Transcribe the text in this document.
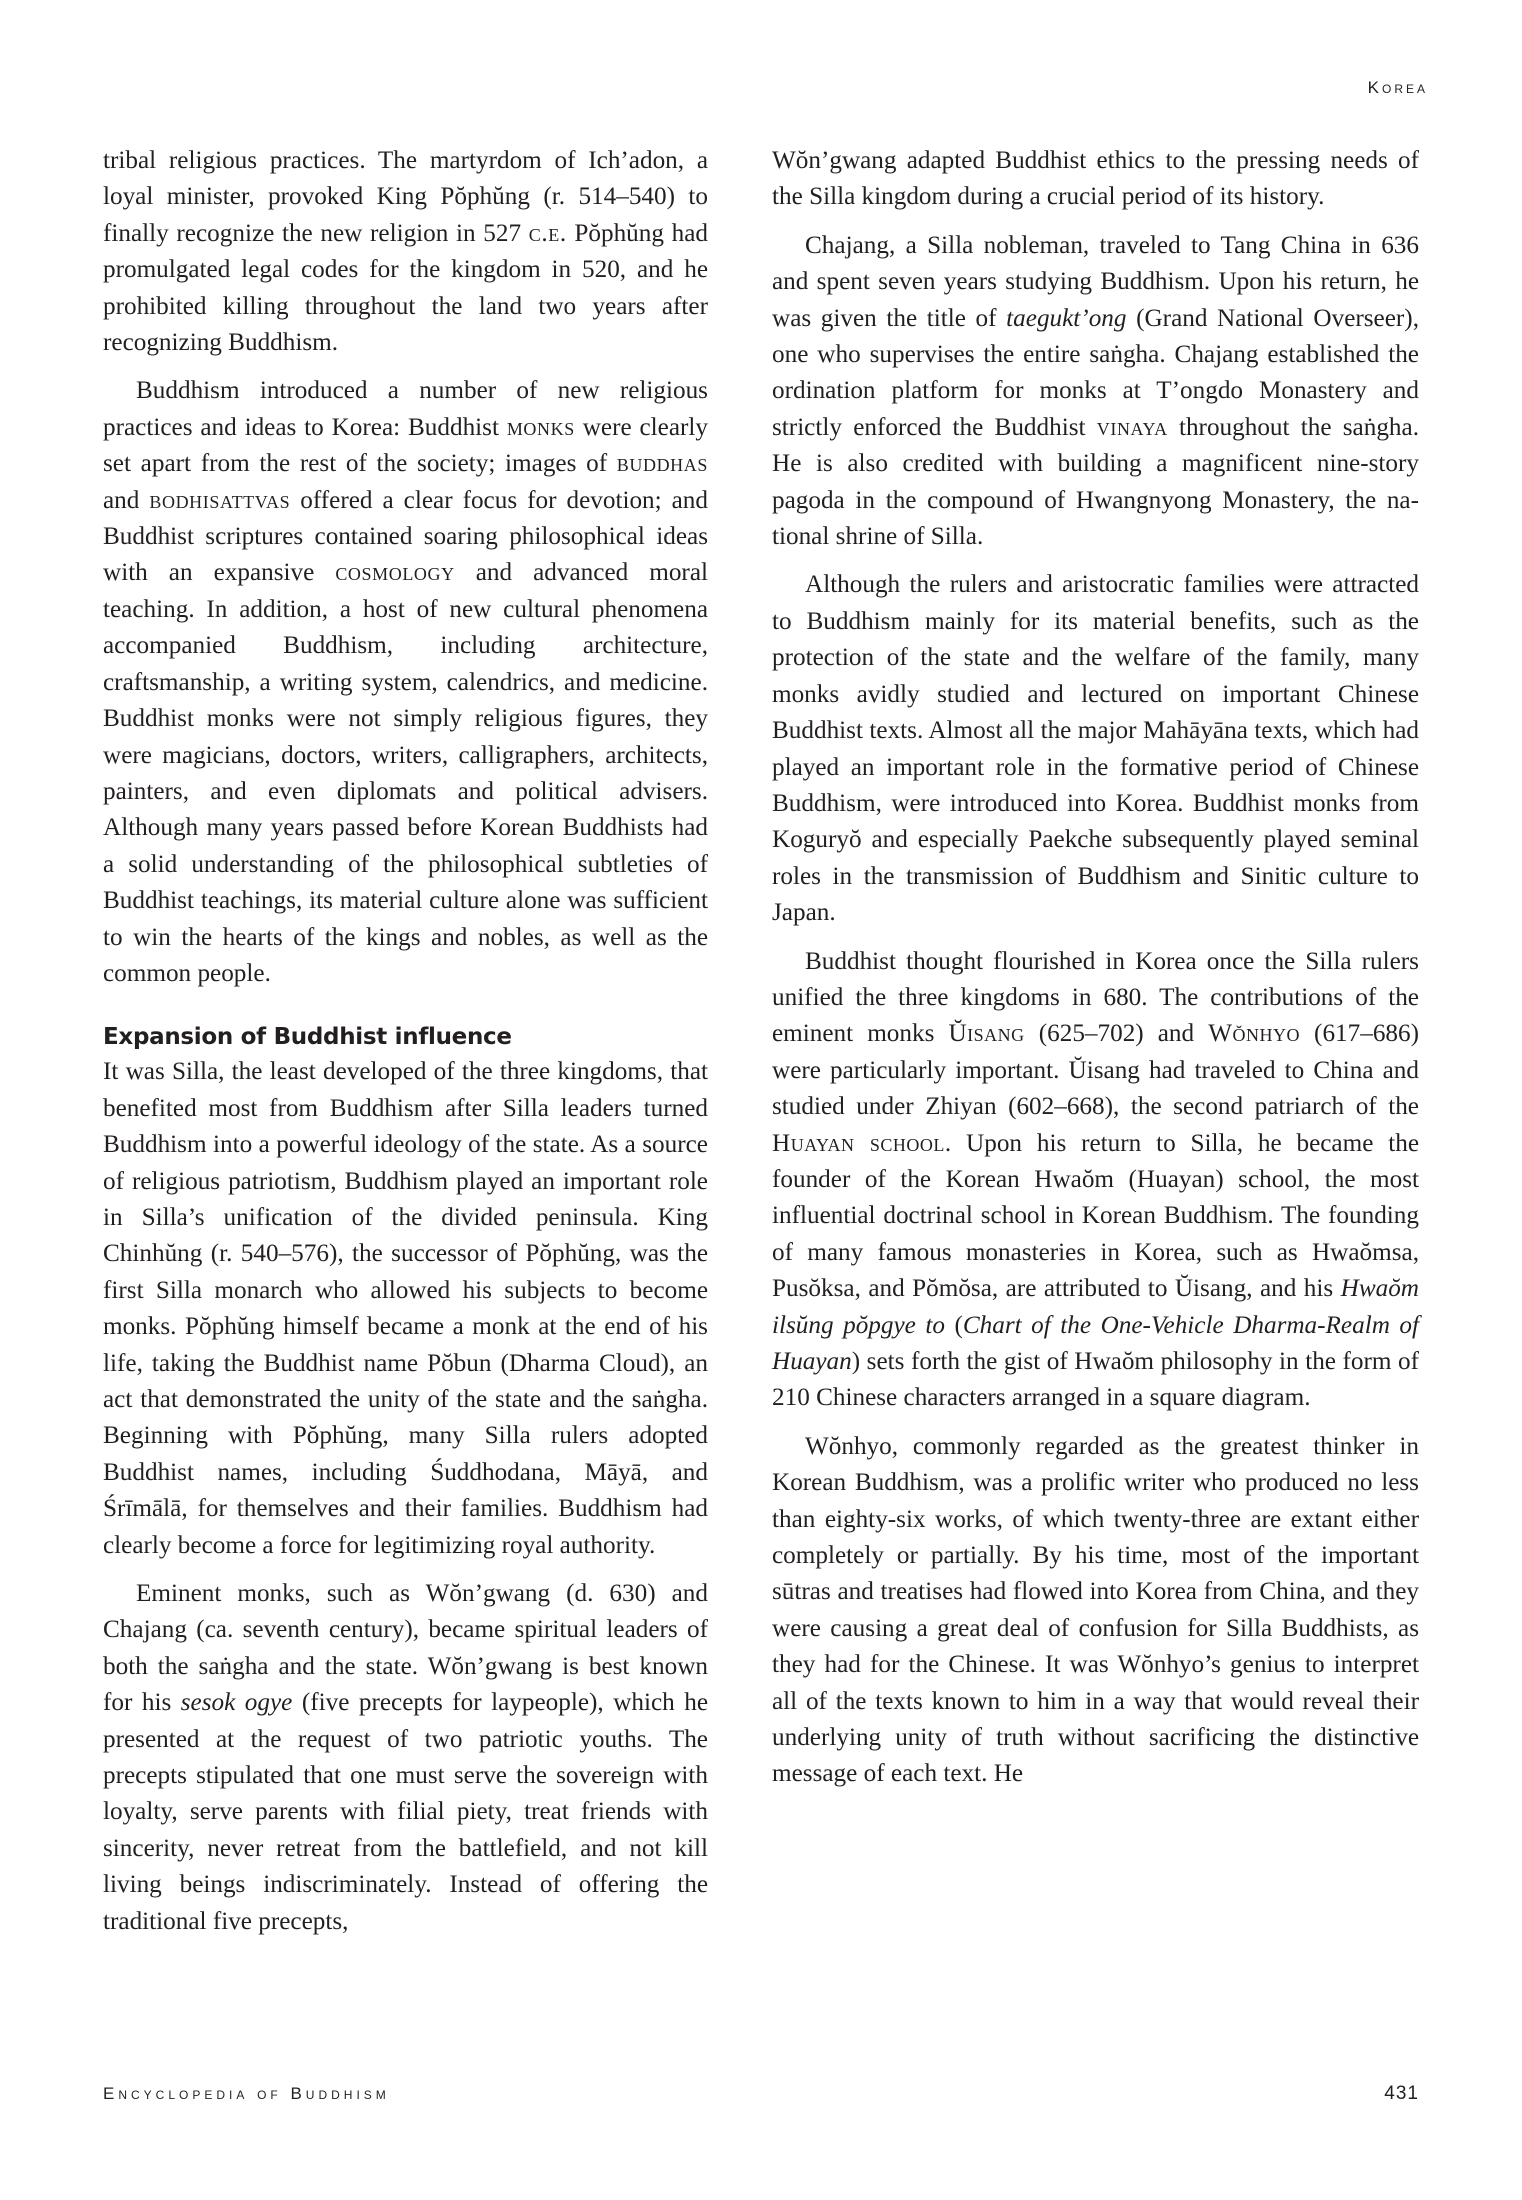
Korea

tribal religious practices. The martyrdom of Ich’adon, a loyal minister, provoked King Pŏphŭng (r. 514–540) to finally recognize the new religion in 527 c.e. Pŏphŭng had promulgated legal codes for the kingdom in 520, and he prohibited killing throughout the land two years after recognizing Buddhism.

Buddhism introduced a number of new religious practices and ideas to Korea: Buddhist monks were clearly set apart from the rest of the society; images of buddhas and bodhisattvas offered a clear focus for devotion; and Buddhist scriptures contained soaring philosophical ideas with an expansive cosmology and advanced moral teaching. In addition, a host of new cultural phenomena accompanied Buddhism, including architecture, craftsmanship, a writing system, calendrics, and medicine. Buddhist monks were not simply religious figures, they were magicians, doctors, writers, calligraphers, architects, painters, and even diplomats and political advisers. Although many years passed before Korean Buddhists had a solid understanding of the philosophical subtleties of Buddhist teachings, its material culture alone was sufficient to win the hearts of the kings and nobles, as well as the common people.

Expansion of Buddhist influence

It was Silla, the least developed of the three kingdoms, that benefited most from Buddhism after Silla leaders turned Buddhism into a powerful ideology of the state. As a source of religious patriotism, Buddhism played an important role in Silla’s unification of the divided peninsula. King Chinhŭng (r. 540–576), the successor of Pŏphŭng, was the first Silla monarch who allowed his subjects to become monks. Pŏphŭng himself became a monk at the end of his life, taking the Buddhist name Pŏbun (Dharma Cloud), an act that demonstrated the unity of the state and the saṅgha. Beginning with Pŏphŭng, many Silla rulers adopted Buddhist names, including Śuddhodana, Māyā, and Śrīmālā, for themselves and their families. Buddhism had clearly become a force for legitimizing royal authority.

Eminent monks, such as Wŏn’gwang (d. 630) and Chajang (ca. seventh century), became spiritual leaders of both the saṅgha and the state. Wŏn’gwang is best known for his sesok ogye (five precepts for laypeople), which he presented at the request of two patriotic youths. The precepts stipulated that one must serve the sovereign with loyalty, serve parents with filial piety, treat friends with sincerity, never retreat from the battlefield, and not kill living beings indiscriminately. Instead of offering the traditional five precepts,

Wŏn’gwang adapted Buddhist ethics to the pressing needs of the Silla kingdom during a crucial period of its history.

Chajang, a Silla nobleman, traveled to Tang China in 636 and spent seven years studying Buddhism. Upon his return, he was given the title of taegukt’ong (Grand National Overseer), one who supervises the entire saṅgha. Chajang established the ordination platform for monks at T’ongdo Monastery and strictly enforced the Buddhist vinaya throughout the saṅgha. He is also credited with building a magnificent nine-story pagoda in the compound of Hwangnyong Monastery, the national shrine of Silla.

Although the rulers and aristocratic families were attracted to Buddhism mainly for its material benefits, such as the protection of the state and the welfare of the family, many monks avidly studied and lectured on important Chinese Buddhist texts. Almost all the major Mahāyāna texts, which had played an important role in the formative period of Chinese Buddhism, were introduced into Korea. Buddhist monks from Koguryŏ and especially Paekche subsequently played seminal roles in the transmission of Buddhism and Sinitic culture to Japan.

Buddhist thought flourished in Korea once the Silla rulers unified the three kingdoms in 680. The contributions of the eminent monks Ŭisang (625–702) and Wŏnhyo (617–686) were particularly important. Ŭisang had traveled to China and studied under Zhiyan (602–668), the second patriarch of the Huayan school. Upon his return to Silla, he became the founder of the Korean Hwaŏm (Huayan) school, the most influential doctrinal school in Korean Buddhism. The founding of many famous monasteries in Korea, such as Hwaŏmsa, Pusŏksa, and Pŏmŏsa, are attributed to Ŭisang, and his Hwaŏm ilsŭng pŏpgye to (Chart of the One-Vehicle Dharma-Realm of Huayan) sets forth the gist of Hwaŏm philosophy in the form of 210 Chinese characters arranged in a square diagram.

Wŏnhyo, commonly regarded as the greatest thinker in Korean Buddhism, was a prolific writer who produced no less than eighty-six works, of which twenty-three are extant either completely or partially. By his time, most of the important sūtras and treatises had flowed into Korea from China, and they were causing a great deal of confusion for Silla Buddhists, as they had for the Chinese. It was Wŏnhyo’s genius to interpret all of the texts known to him in a way that would reveal their underlying unity of truth without sacrificing the distinctive message of each text. He

Encyclopedia of Buddhism	431
